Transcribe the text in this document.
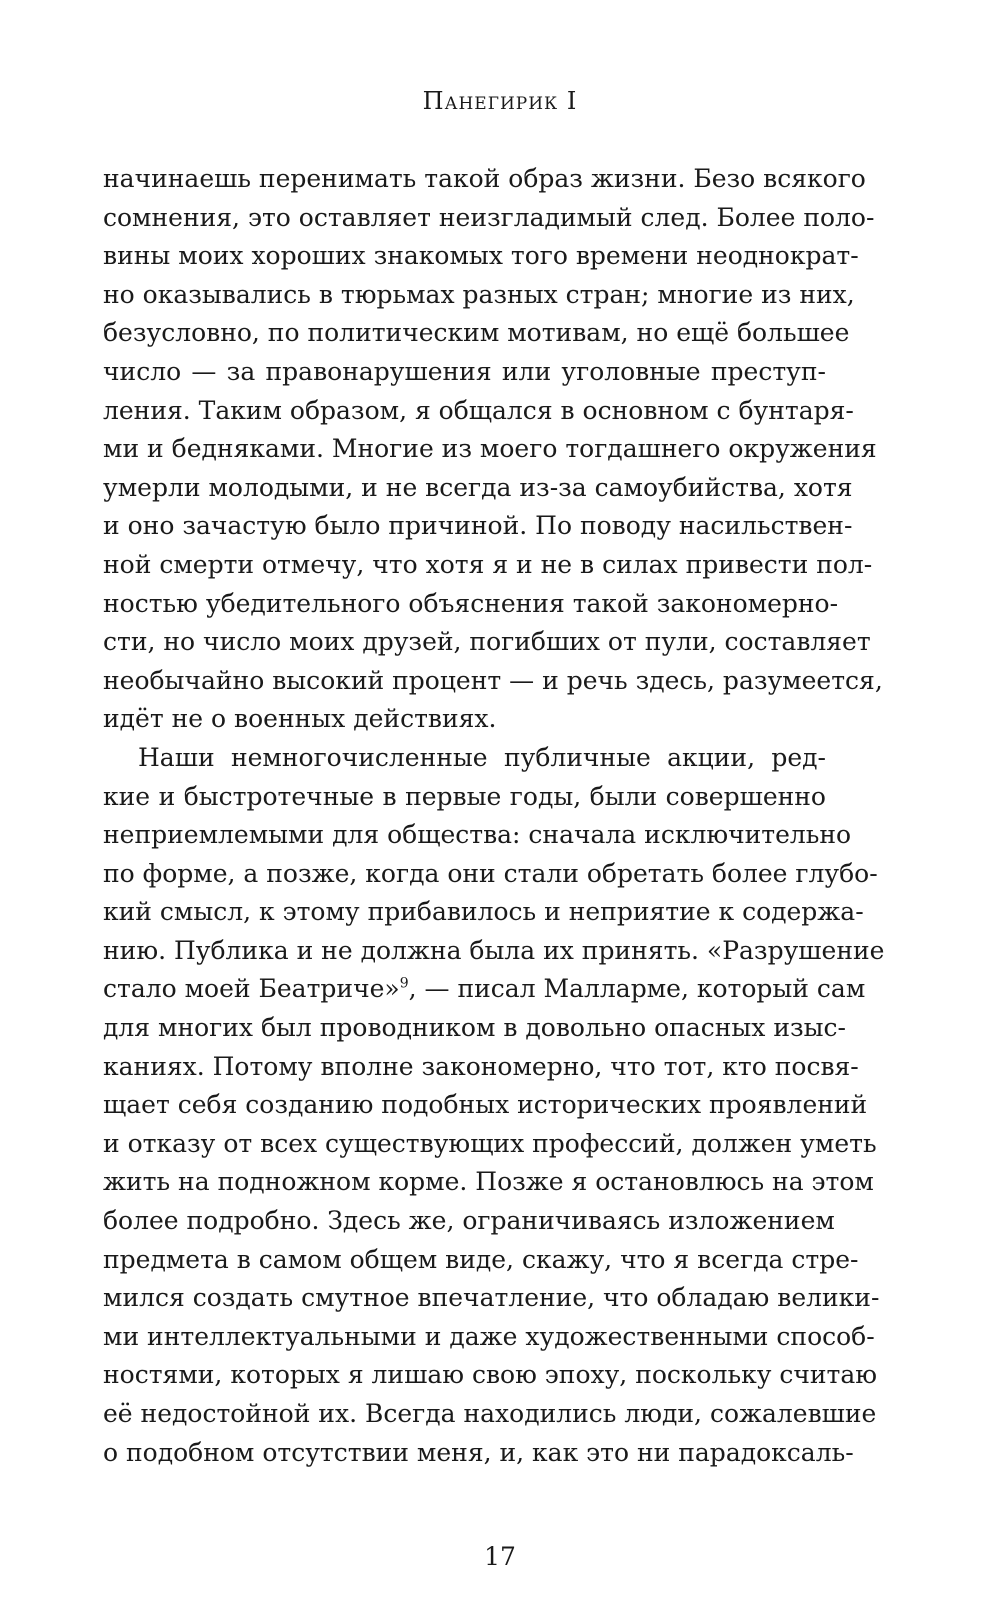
Панегирик I
начинаешь перенимать такой образ жизни. Безо всякого
сомнения, это оставляет неизгладимый след. Более поло-
вины моих хороших знакомых того времени неоднократ-
но оказывались в тюрьмах разных стран; многие из них,
безусловно, по политическим мотивам, но ещё большее
число — за правонарушения или уголовные преступ-
ления. Таким образом, я общался в основном с бунтаря-
ми и бедняками. Многие из моего тогдашнего окружения
умерли молодыми, и не всегда из-за самоубийства, хотя
и оно зачастую было причиной. По поводу насильствен-
ной смерти отмечу, что хотя я и не в силах привести пол-
ностью убедительного объяснения такой закономерно-
сти, но число моих друзей, погибших от пули, составляет
необычайно высокий процент — и речь здесь, разумеется,
идёт не о военных действиях.
Наши немногочисленные публичные акции, ред-
кие и быстротечные в первые годы, были совершенно
неприемлемыми для общества: сначала исключительно
по форме, а позже, когда они стали обретать более глубо-
кий смысл, к этому прибавилось и неприятие к содержа-
нию. Публика и не должна была их принять. «Разрушение
стало моей Беатриче»$^9$, — писал Малларме, который сам
для многих был проводником в довольно опасных изыс-
каниях. Потому вполне закономерно, что тот, кто посвя-
щает себя созданию подобных исторических проявлений
и отказу от всех существующих профессий, должен уметь
жить на подножном корме. Позже я остановлюсь на этом
более подробно. Здесь же, ограничиваясь изложением
предмета в самом общем виде, скажу, что я всегда стре-
мился создать смутное впечатление, что обладаю велики-
ми интеллектуальными и даже художественными способ-
ностями, которых я лишаю свою эпоху, поскольку считаю
её недостойной их. Всегда находились люди, сожалевшие
о подобном отсутствии меня, и, как это ни парадоксаль-
17
